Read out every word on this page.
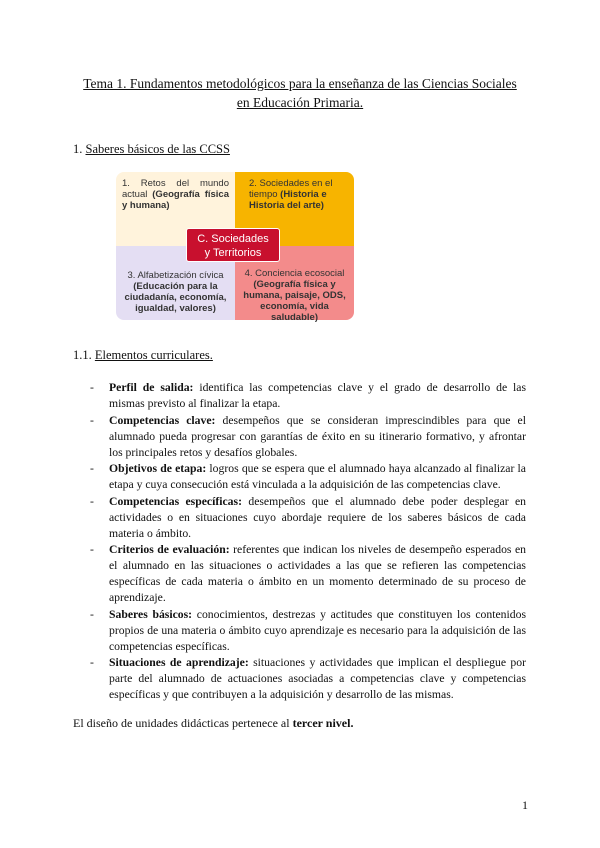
Tema 1. Fundamentos metodológicos para la enseñanza de las Ciencias Sociales
en Educación Primaria.
1. Saberes básicos de las CCSS
1. Retos del mundo actual (Geografía física y humana)
2. Sociedades en el tiempo (Historia e Historia del arte)
3. Alfabetización cívica (Educación para la ciudadanía, economía, igualdad, valores)
4. Conciencia ecosocial (Geografía física y humana, paisaje, ODS, economía, vida saludable)
C. Sociedades
y Territorios
1.1. Elementos curriculares.
- Perfil de salida: identifica las competencias clave y el grado de desarrollo de las mismas previsto al finalizar la etapa.
- Competencias clave: desempeños que se consideran imprescindibles para que el alumnado pueda progresar con garantías de éxito en su itinerario formativo, y afrontar los principales retos y desafíos globales.
- Objetivos de etapa: logros que se espera que el alumnado haya alcanzado al finalizar la etapa y cuya consecución está vinculada a la adquisición de las competencias clave.
- Competencias específicas: desempeños que el alumnado debe poder desplegar en actividades o en situaciones cuyo abordaje requiere de los saberes básicos de cada materia o ámbito.
- Criterios de evaluación: referentes que indican los niveles de desempeño esperados en el alumnado en las situaciones o actividades a las que se refieren las competencias específicas de cada materia o ámbito en un momento determinado de su proceso de aprendizaje.
- Saberes básicos: conocimientos, destrezas y actitudes que constituyen los contenidos propios de una materia o ámbito cuyo aprendizaje es necesario para la adquisición de las competencias específicas.
- Situaciones de aprendizaje: situaciones y actividades que implican el despliegue por parte del alumnado de actuaciones asociadas a competencias clave y competencias específicas y que contribuyen a la adquisición y desarrollo de las mismas.
El diseño de unidades didácticas pertenece al tercer nivel.
1
